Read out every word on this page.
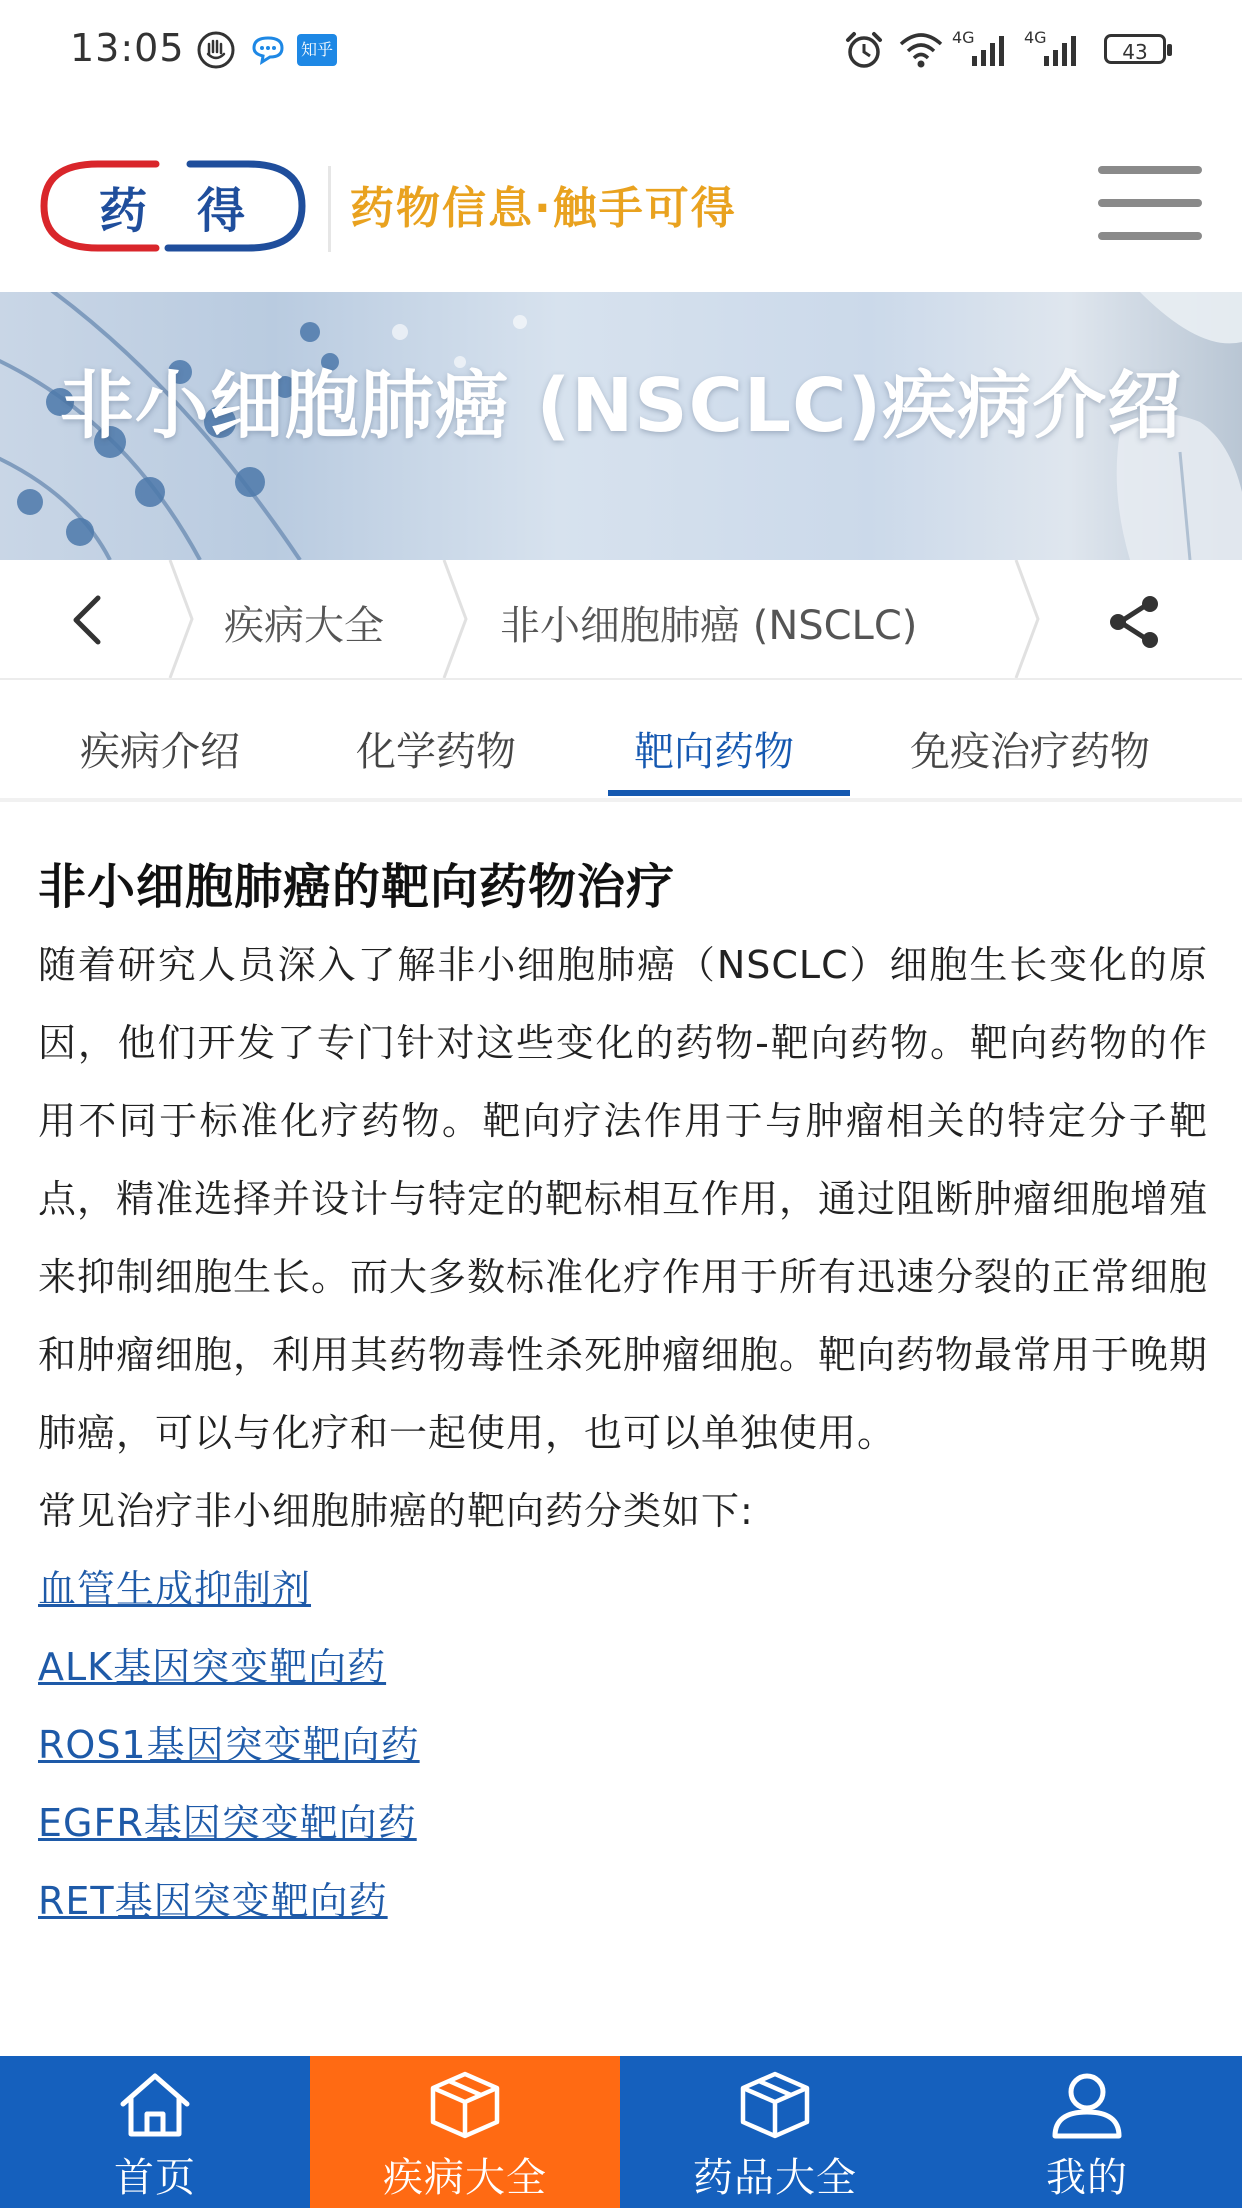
13:05	知乎
4G	4G
43
药 得 药物信息·触手可得
非小细胞肺癌 (NSCLC)疾病介绍
疾病大全	非小细胞肺癌 (NSCLC)
疾病介绍	化学药物	靶向药物	免疫治疗药物
非小细胞肺癌的靶向药物治疗

随着研究人员深入了解非小细胞肺癌（NSCLC）细胞生长变化的原因，他们开发了专门针对这些变化的药物-靶向药物。靶向药物的作用不同于标准化疗药物。靶向疗法作用于与肿瘤相关的特定分子靶点，精准选择并设计与特定的靶标相互作用，通过阻断肿瘤细胞增殖来抑制细胞生长。而大多数标准化疗作用于所有迅速分裂的正常细胞和肿瘤细胞，利用其药物毒性杀死肿瘤细胞。靶向药物最常用于晚期肺癌，可以与化疗和一起使用，也可以单独使用。

常见治疗非小细胞肺癌的靶向药分类如下:

血管生成抑制剂
ALK基因突变靶向药
ROS1基因突变靶向药
EGFR基因突变靶向药
RET基因突变靶向药
首页	疾病大全	药品大全	我的
